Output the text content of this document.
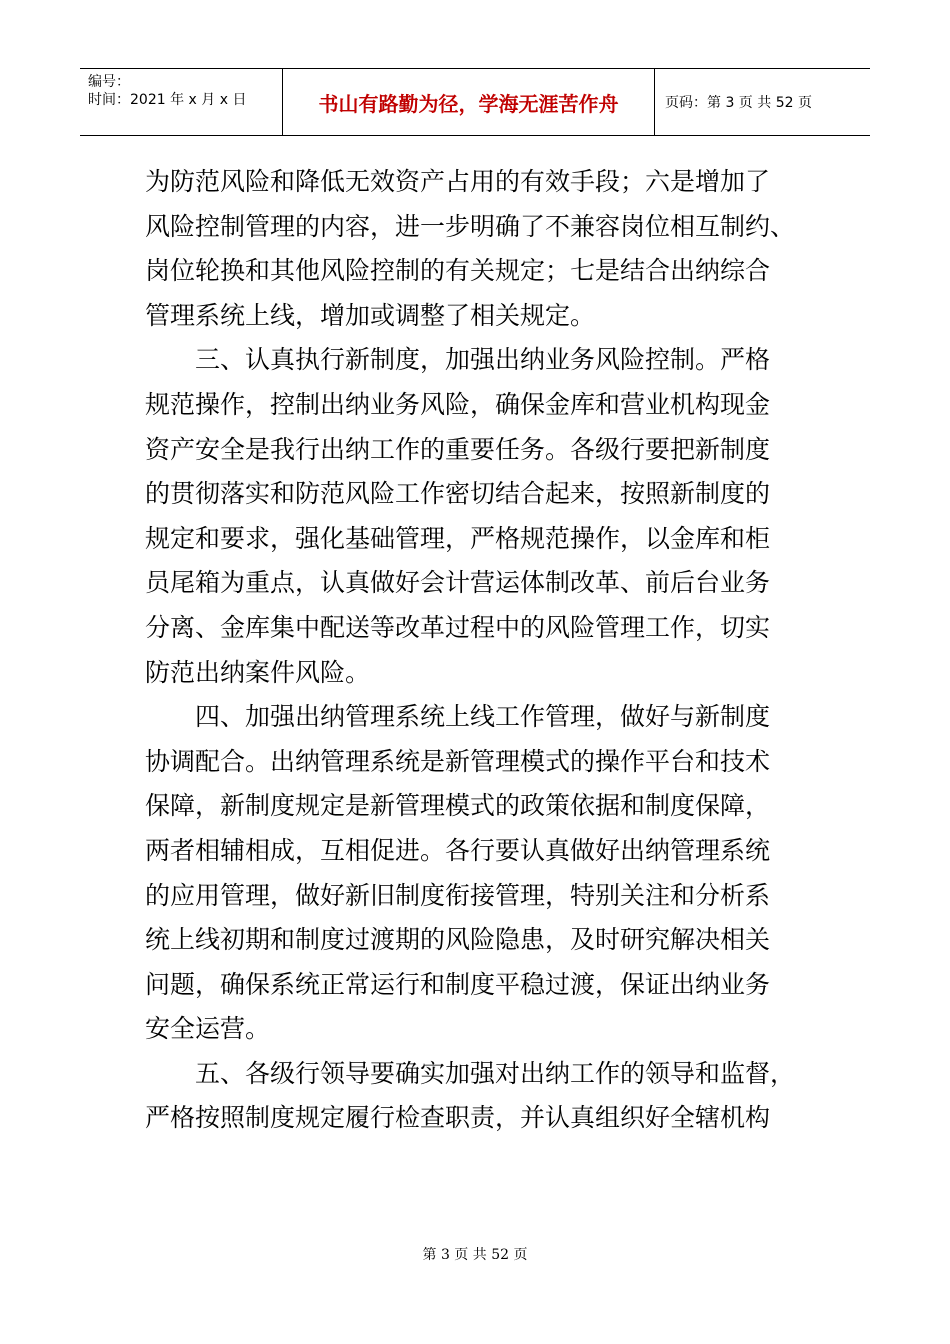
编号：
时间：2021 年 x 月 x 日	书山有路勤为径，学海无涯苦作舟	页码：第 3 页 共 52 页
为防范风险和降低无效资产占用的有效手段；六是增加了
风险控制管理的内容，进一步明确了不兼容岗位相互制约、
岗位轮换和其他风险控制的有关规定；七是结合出纳综合
管理系统上线，增加或调整了相关规定。
　　三、认真执行新制度，加强出纳业务风险控制。严格
规范操作，控制出纳业务风险，确保金库和营业机构现金
资产安全是我行出纳工作的重要任务。各级行要把新制度
的贯彻落实和防范风险工作密切结合起来，按照新制度的
规定和要求，强化基础管理，严格规范操作，以金库和柜
员尾箱为重点，认真做好会计营运体制改革、前后台业务
分离、金库集中配送等改革过程中的风险管理工作，切实
防范出纳案件风险。
　　四、加强出纳管理系统上线工作管理，做好与新制度
协调配合。出纳管理系统是新管理模式的操作平台和技术
保障，新制度规定是新管理模式的政策依据和制度保障，
两者相辅相成，互相促进。各行要认真做好出纳管理系统
的应用管理，做好新旧制度衔接管理，特别关注和分析系
统上线初期和制度过渡期的风险隐患，及时研究解决相关
问题，确保系统正常运行和制度平稳过渡，保证出纳业务
安全运营。
　　五、各级行领导要确实加强对出纳工作的领导和监督，
严格按照制度规定履行检查职责，并认真组织好全辖机构
第 3 页 共 52 页
